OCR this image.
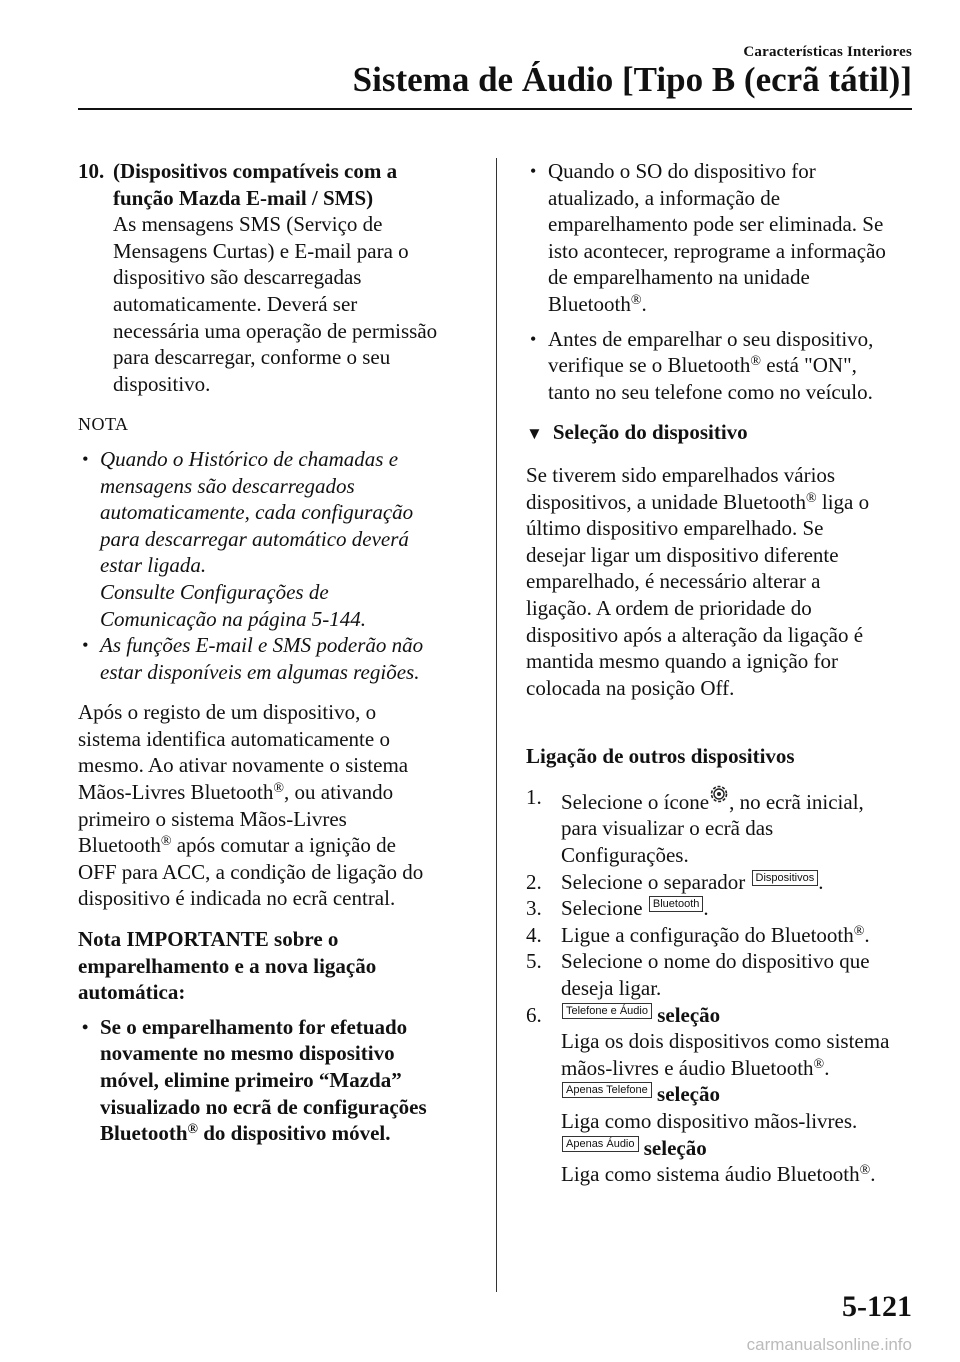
Características Interiores
Sistema de Áudio [Tipo B (ecrã tátil)]
10. (Dispositivos compatíveis com a
função Mazda E-mail / SMS)
As mensagens SMS (Serviço de
Mensagens Curtas) e E-mail para o
dispositivo são descarregadas
automaticamente. Deverá ser
necessária uma operação de permissão
para descarregar, conforme o seu
dispositivo.
NOTA
• Quando o Histórico de chamadas e
mensagens são descarregados
automaticamente, cada configuração
para descarregar automático deverá
estar ligada.
Consulte Configurações de
Comunicação na página 5-144.
• As funções E-mail e SMS poderão não
estar disponíveis em algumas regiões.

Após o registo de um dispositivo, o
sistema identifica automaticamente o
mesmo. Ao ativar novamente o sistema
Mãos-Livres Bluetooth®, ou ativando
primeiro o sistema Mãos-Livres
Bluetooth® após comutar a ignição de
OFF para ACC, a condição de ligação do
dispositivo é indicada no ecrã central.

Nota IMPORTANTE sobre o
emparelhamento e a nova ligação
automática:

• Se o emparelhamento for efetuado
novamente no mesmo dispositivo
móvel, elimine primeiro “Mazda”
visualizado no ecrã de configurações
Bluetooth® do dispositivo móvel.
• Quando o SO do dispositivo for
atualizado, a informação de
emparelhamento pode ser eliminada. Se
isto acontecer, reprograme a informação
de emparelhamento na unidade
Bluetooth®.
• Antes de emparelhar o seu dispositivo,
verifique se o Bluetooth® está "ON",
tanto no seu telefone como no veículo.

▼ Seleção do dispositivo

Se tiverem sido emparelhados vários
dispositivos, a unidade Bluetooth® liga o
último dispositivo emparelhado. Se
desejar ligar um dispositivo diferente
emparelhado, é necessário alterar a
ligação. A ordem de prioridade do
dispositivo após a alteração da ligação é
mantida mesmo quando a ignição for
colocada na posição Off.

Ligação de outros dispositivos

1. Selecione o ícone , no ecrã inicial,
para visualizar o ecrã das
Configurações.
2. Selecione o separador Dispositivos .
3. Selecione Bluetooth .
4. Ligue a configuração do Bluetooth®.
5. Selecione o nome do dispositivo que
deseja ligar.
6.	Telefone e Áudio seleção
Liga os dois dispositivos como sistema
mãos-livres e áudio Bluetooth®.
Apenas Telefone seleção
Liga como dispositivo mãos-livres.
Apenas Áudio seleção
Liga como sistema áudio Bluetooth®.
5-121
carmanualsonline.info
